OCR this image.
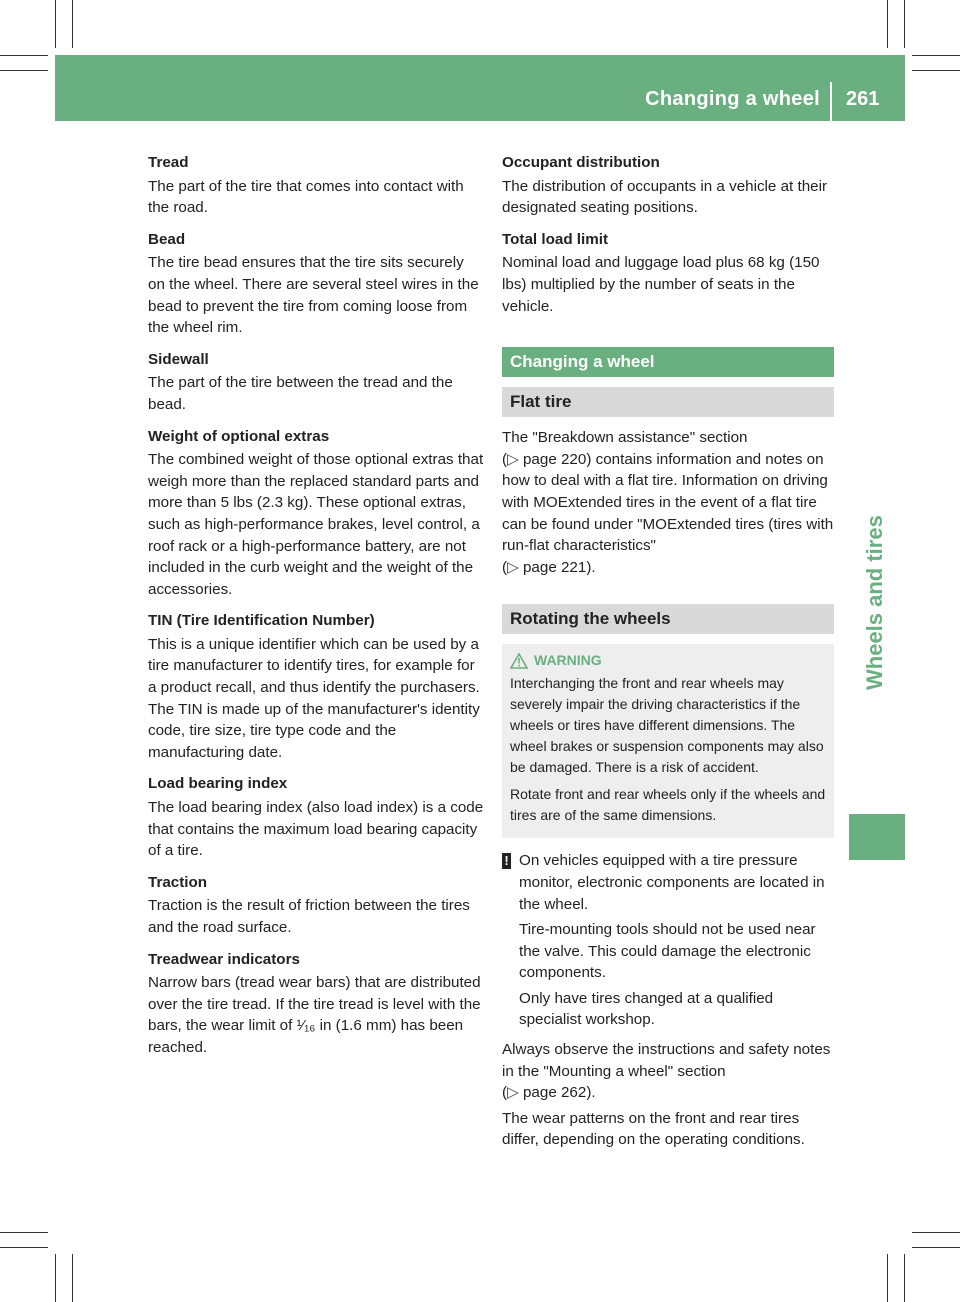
Changing a wheel 261
Wheels and tires

Tread

The part of the tire that comes into contact with the road.

Bead

The tire bead ensures that the tire sits securely on the wheel. There are several steel wires in the bead to prevent the tire from coming loose from the wheel rim.

Sidewall

The part of the tire between the tread and the bead.

Weight of optional extras

The combined weight of those optional extras that weigh more than the replaced standard parts and more than 5 lbs (2.3 kg). These optional extras, such as high-performance brakes, level control, a roof rack or a high-performance battery, are not included in the curb weight and the weight of the accessories.

TIN (Tire Identification Number)

This is a unique identifier which can be used by a tire manufacturer to identify tires, for example for a product recall, and thus identify the purchasers. The TIN is made up of the manufacturer's identity code, tire size, tire type code and the manufacturing date.

Load bearing index

The load bearing index (also load index) is a code that contains the maximum load bearing capacity of a tire.

Traction

Traction is the result of friction between the tires and the road surface.

Treadwear indicators

Narrow bars (tread wear bars) that are distributed over the tire tread. If the tire tread is level with the bars, the wear limit of ¹⁄₁₆ in (1.6 mm) has been reached.

Occupant distribution

The distribution of occupants in a vehicle at their designated seating positions.

Total load limit

Nominal load and luggage load plus 68 kg (150 lbs) multiplied by the number of seats in the vehicle.

Changing a wheel
Flat tire

The "Breakdown assistance" section
(▷ page 220) contains information and notes on how to deal with a flat tire. Information on driving with MOExtended tires in the event of a flat tire can be found under "MOExtended tires (tires with run-flat characteristics"
(▷ page 221).

Rotating the wheels
WARNING

Interchanging the front and rear wheels may severely impair the driving characteristics if the wheels or tires have different dimensions. The wheel brakes or suspension components may also be damaged. There is a risk of accident.

Rotate front and rear wheels only if the wheels and tires are of the same dimensions.

! On vehicles equipped with a tire pressure monitor, electronic components are located in the wheel.

Tire-mounting tools should not be used near the valve. This could damage the electronic components.

Only have tires changed at a qualified specialist workshop.

Always observe the instructions and safety notes in the "Mounting a wheel" section
(▷ page 262).

The wear patterns on the front and rear tires differ, depending on the operating conditions.
